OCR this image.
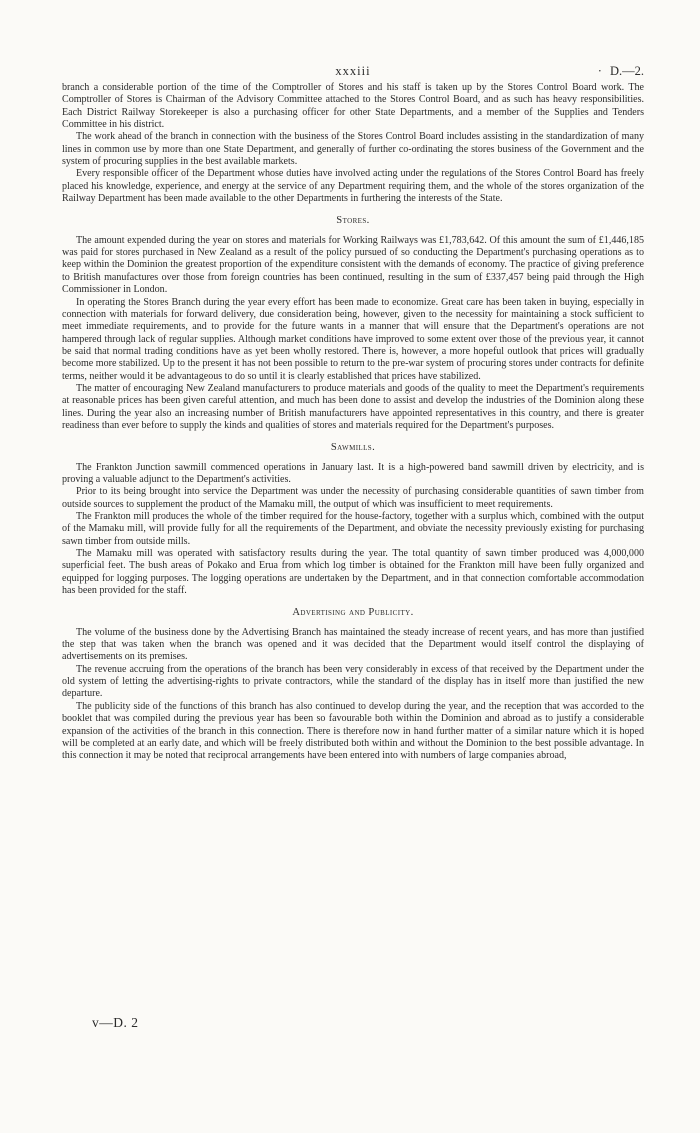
xxxiii	· D.—2.

branch a considerable portion of the time of the Comptroller of Stores and his staff is taken up by the Stores Control Board work. The Comptroller of Stores is Chairman of the Advisory Committee attached to the Stores Control Board, and as such has heavy responsibilities. Each District Railway Storekeeper is also a purchasing officer for other State Departments, and a member of the Supplies and Tenders Committee in his district.

The work ahead of the branch in connection with the business of the Stores Control Board includes assisting in the standardization of many lines in common use by more than one State Department, and generally of further co-ordinating the stores business of the Government and the system of procuring supplies in the best available markets.

Every responsible officer of the Department whose duties have involved acting under the regulations of the Stores Control Board has freely placed his knowledge, experience, and energy at the service of any Department requiring them, and the whole of the stores organization of the Railway Department has been made available to the other Departments in furthering the interests of the State.

Stores.

The amount expended during the year on stores and materials for Working Railways was £1,783,642. Of this amount the sum of £1,446,185 was paid for stores purchased in New Zealand as a result of the policy pursued of so conducting the Department's purchasing operations as to keep within the Dominion the greatest proportion of the expenditure consistent with the demands of economy. The practice of giving preference to British manufactures over those from foreign countries has been continued, resulting in the sum of £337,457 being paid through the High Commissioner in London.

In operating the Stores Branch during the year every effort has been made to economize. Great care has been taken in buying, especially in connection with materials for forward delivery, due consideration being, however, given to the necessity for maintaining a stock sufficient to meet immediate requirements, and to provide for the future wants in a manner that will ensure that the Department's operations are not hampered through lack of regular supplies. Although market conditions have improved to some extent over those of the previous year, it cannot be said that normal trading conditions have as yet been wholly restored. There is, however, a more hopeful outlook that prices will gradually become more stabilized. Up to the present it has not been possible to return to the pre-war system of procuring stores under contracts for definite terms, neither would it be advantageous to do so until it is clearly established that prices have stabilized.

The matter of encouraging New Zealand manufacturers to produce materials and goods of the quality to meet the Department's requirements at reasonable prices has been given careful attention, and much has been done to assist and develop the industries of the Dominion along these lines. During the year also an increasing number of British manufacturers have appointed representatives in this country, and there is greater readiness than ever before to supply the kinds and qualities of stores and materials required for the Department's purposes.

Sawmills.

The Frankton Junction sawmill commenced operations in January last. It is a high-powered band sawmill driven by electricity, and is proving a valuable adjunct to the Department's activities.

Prior to its being brought into service the Department was under the necessity of purchasing considerable quantities of sawn timber from outside sources to supplement the product of the Mamaku mill, the output of which was insufficient to meet requirements.

The Frankton mill produces the whole of the timber required for the house-factory, together with a surplus which, combined with the output of the Mamaku mill, will provide fully for all the requirements of the Department, and obviate the necessity previously existing for purchasing sawn timber from outside mills.

The Mamaku mill was operated with satisfactory results during the year. The total quantity of sawn timber produced was 4,000,000 superficial feet. The bush areas of Pokako and Erua from which log timber is obtained for the Frankton mill have been fully organized and equipped for logging purposes. The logging operations are undertaken by the Department, and in that connection comfortable accommodation has been provided for the staff.

Advertising and Publicity.

The volume of the business done by the Advertising Branch has maintained the steady increase of recent years, and has more than justified the step that was taken when the branch was opened and it was decided that the Department would itself control the displaying of advertisements on its premises.

The revenue accruing from the operations of the branch has been very considerably in excess of that received by the Department under the old system of letting the advertising-rights to private contractors, while the standard of the display has in itself more than justified the new departure.

The publicity side of the functions of this branch has also continued to develop during the year, and the reception that was accorded to the booklet that was compiled during the previous year has been so favourable both within the Dominion and abroad as to justify a considerable expansion of the activities of the branch in this connection. There is therefore now in hand further matter of a similar nature which it is hoped will be completed at an early date, and which will be freely distributed both within and without the Dominion to the best possible advantage. In this connection it may be noted that reciprocal arrangements have been entered into with numbers of large companies abroad,

v—D. 2
